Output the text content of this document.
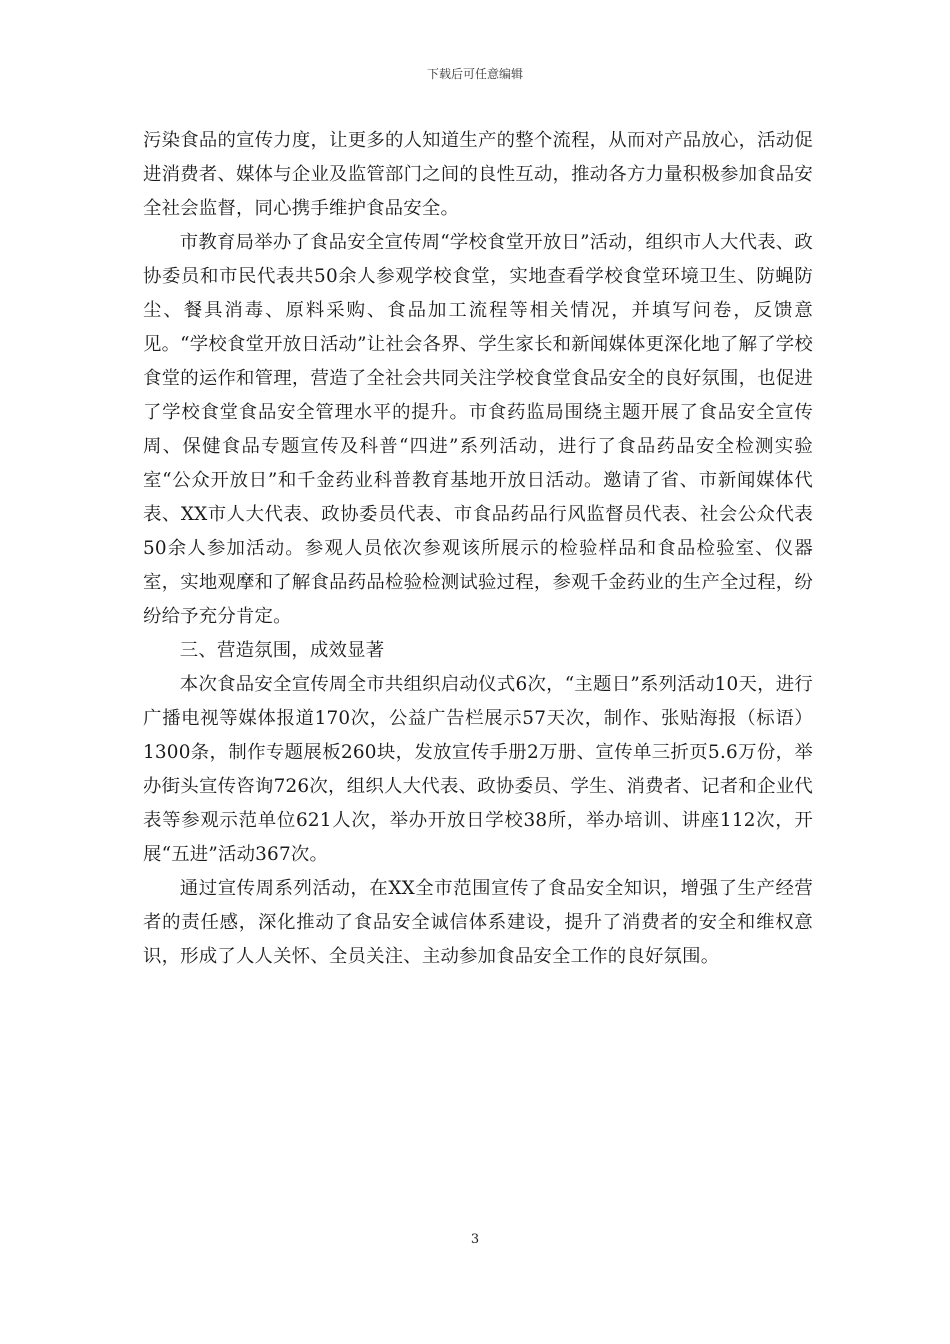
下载后可任意编辑

污染食品的宣传力度，让更多的人知道生产的整个流程，从而对产品放心，活动促进消费者、媒体与企业及监管部门之间的良性互动，推动各方力量积极参加食品安全社会监督，同心携手维护食品安全。

市教育局举办了食品安全宣传周“学校食堂开放日”活动，组织市人大代表、政协委员和市民代表共50余人参观学校食堂，实地查看学校食堂环境卫生、防蝇防尘、餐具消毒、原料采购、食品加工流程等相关情况，并填写问卷，反馈意见。“学校食堂开放日活动”让社会各界、学生家长和新闻媒体更深化地了解了学校食堂的运作和管理，营造了全社会共同关注学校食堂食品安全的良好氛围，也促进了学校食堂食品安全管理水平的提升。市食药监局围绕主题开展了食品安全宣传周、保健食品专题宣传及科普“四进”系列活动，进行了食品药品安全检测实验室“公众开放日”和千金药业科普教育基地开放日活动。邀请了省、市新闻媒体代表、XX市人大代表、政协委员代表、市食品药品行风监督员代表、社会公众代表50余人参加活动。参观人员依次参观该所展示的检验样品和食品检验室、仪器室，实地观摩和了解食品药品检验检测试验过程，参观千金药业的生产全过程，纷纷给予充分肯定。

三、营造氛围，成效显著

本次食品安全宣传周全市共组织启动仪式6次，“主题日”系列活动10天，进行广播电视等媒体报道170次，公益广告栏展示57天次，制作、张贴海报（标语）1300条，制作专题展板260块，发放宣传手册2万册、宣传单三折页5.6万份，举办街头宣传咨询726次，组织人大代表、政协委员、学生、消费者、记者和企业代表等参观示范单位621人次，举办开放日学校38所，举办培训、讲座112次，开展“五进”活动367次。

通过宣传周系列活动，在XX全市范围宣传了食品安全知识，增强了生产经营者的责任感，深化推动了食品安全诚信体系建设，提升了消费者的安全和维权意识，形成了人人关怀、全员关注、主动参加食品安全工作的良好氛围。

3
